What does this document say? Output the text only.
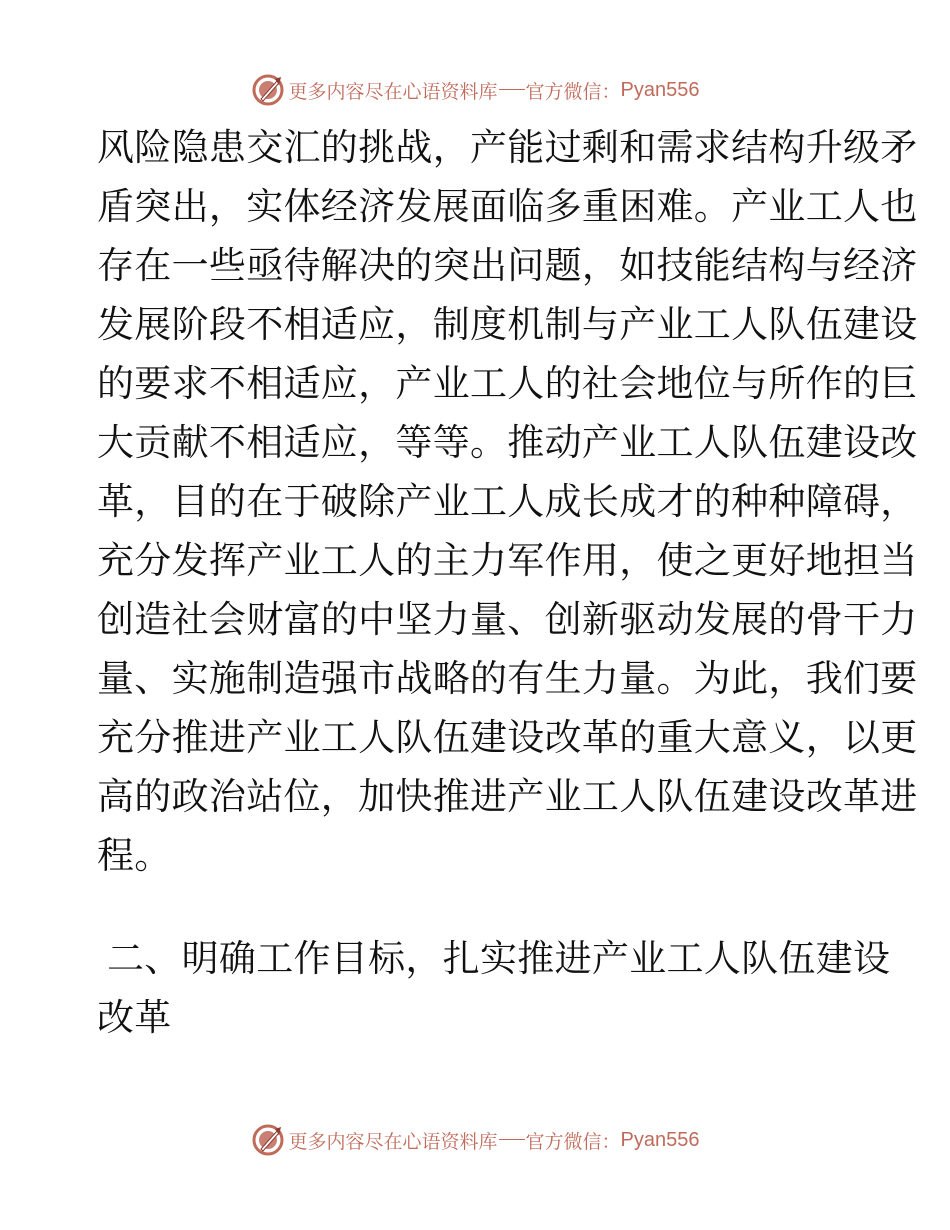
更多内容尽在心语资料库 官方微信： Pyan556
风险隐患交汇的挑战，产能过剩和需求结构升级矛
盾突出，实体经济发展面临多重困难。产业工人也
存在一些亟待解决的突出问题，如技能结构与经济
发展阶段不相适应，制度机制与产业工人队伍建设
的要求不相适应，产业工人的社会地位与所作的巨
大贡献不相适应，等等。推动产业工人队伍建设改
革，目的在于破除产业工人成长成才的种种障碍，
充分发挥产业工人的主力军作用，使之更好地担当
创造社会财富的中坚力量、创新驱动发展的骨干力
量、实施制造强市战略的有生力量。为此，我们要
充分推进产业工人队伍建设改革的重大意义，以更
高的政治站位，加快推进产业工人队伍建设改革进
程。
二、明确工作目标，扎实推进产业工人队伍建设
改革
更多内容尽在心语资料库 官方微信： Pyan556
